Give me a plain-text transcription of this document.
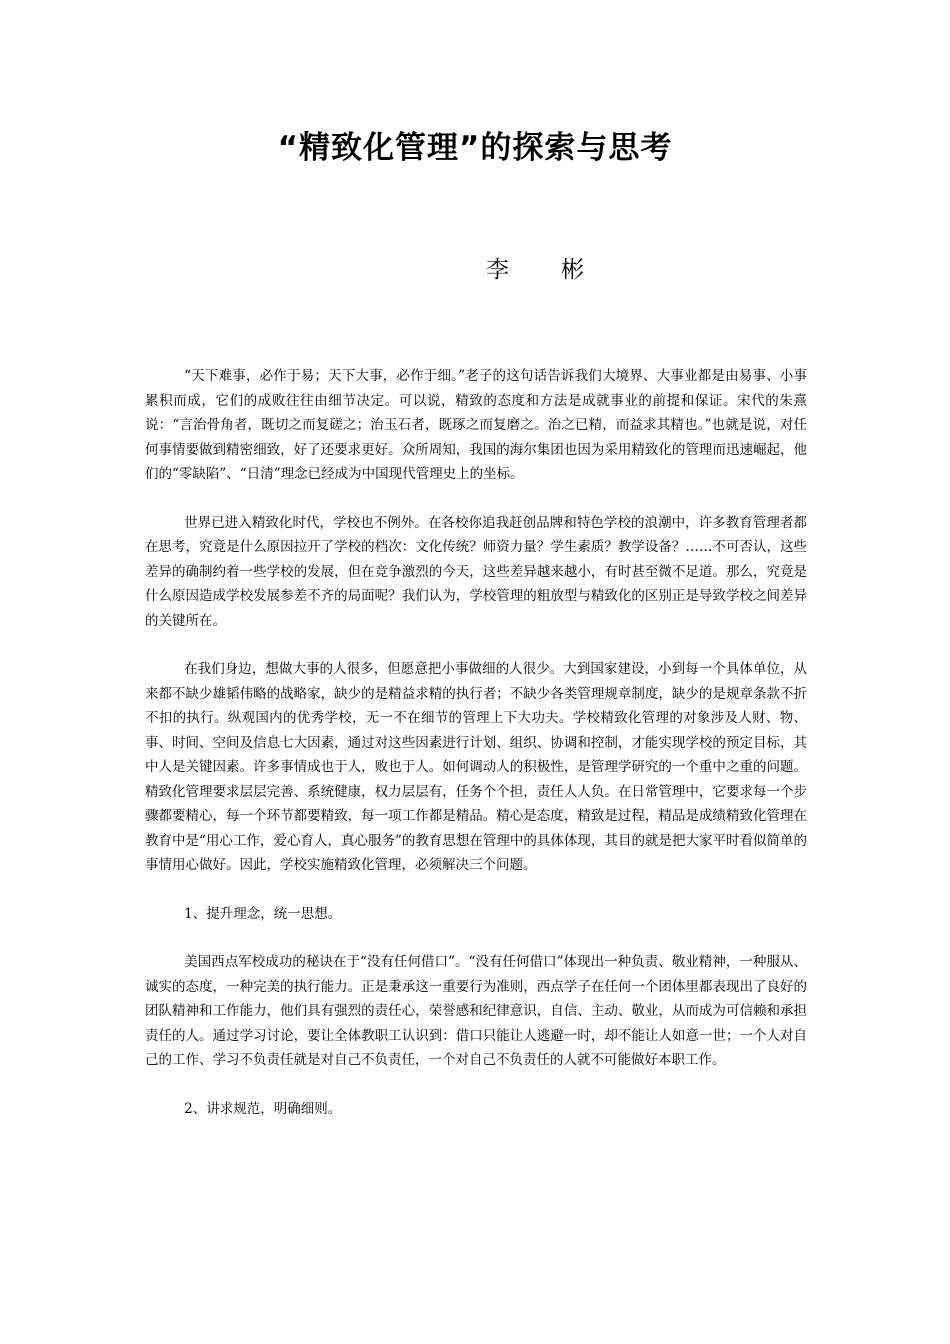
“精致化管理”的探索与思考
李彬

“天下难事，必作于易；天下大事，必作于细。”老子的这句话告诉我们大境界、大事业都是由易事、小事累积而成，它们的成败往往由细节决定。可以说，精致的态度和方法是成就事业的前提和保证。宋代的朱熹说：“言治骨角者，既切之而复磋之；治玉石者，既琢之而复磨之。治之已精，而益求其精也。”也就是说，对任何事情要做到精密细致，好了还要求更好。众所周知，我国的海尔集团也因为采用精致化的管理而迅速崛起，他们的“零缺陷”、“日清”理念已经成为中国现代管理史上的坐标。

世界已进入精致化时代，学校也不例外。在各校你追我赶创品牌和特色学校的浪潮中，许多教育管理者都在思考，究竟是什么原因拉开了学校的档次：文化传统？师资力量？学生素质？教学设备？……不可否认，这些差异的确制约着一些学校的发展，但在竞争激烈的今天，这些差异越来越小，有时甚至微不足道。那么，究竟是什么原因造成学校发展参差不齐的局面呢？我们认为，学校管理的粗放型与精致化的区别正是导致学校之间差异的关键所在。

在我们身边，想做大事的人很多，但愿意把小事做细的人很少。大到国家建设，小到每一个具体单位，从来都不缺少雄韬伟略的战略家，缺少的是精益求精的执行者；不缺少各类管理规章制度，缺少的是规章条款不折不扣的执行。纵观国内的优秀学校，无一不在细节的管理上下大功夫。学校精致化管理的对象涉及人财、物、事、时间、空间及信息七大因素，通过对这些因素进行计划、组织、协调和控制，才能实现学校的预定目标，其中人是关键因素。许多事情成也于人，败也于人。如何调动人的积极性，是管理学研究的一个重中之重的问题。精致化管理要求层层完善、系统健康，权力层层有，任务个个担，责任人人负。在日常管理中，它要求每一个步骤都要精心，每一个环节都要精致，每一项工作都是精品。精心是态度，精致是过程，精品是成绩精致化管理在教育中是“用心工作，爱心育人，真心服务”的教育思想在管理中的具体体现，其目的就是把大家平时看似简单的事情用心做好。因此，学校实施精致化管理，必须解决三个问题。

1、提升理念，统一思想。

美国西点军校成功的秘诀在于“没有任何借口”。“没有任何借口”体现出一种负责、敬业精神，一种服从、诚实的态度，一种完美的执行能力。正是秉承这一重要行为准则，西点学子在任何一个团体里都表现出了良好的团队精神和工作能力，他们具有强烈的责任心，荣誉感和纪律意识，自信、主动、敬业，从而成为可信赖和承担责任的人。通过学习讨论，要让全体教职工认识到：借口只能让人逃避一时，却不能让人如意一世；一个人对自己的工作、学习不负责任就是对自己不负责任，一个对自己不负责任的人就不可能做好本职工作。

2、讲求规范，明确细则。
